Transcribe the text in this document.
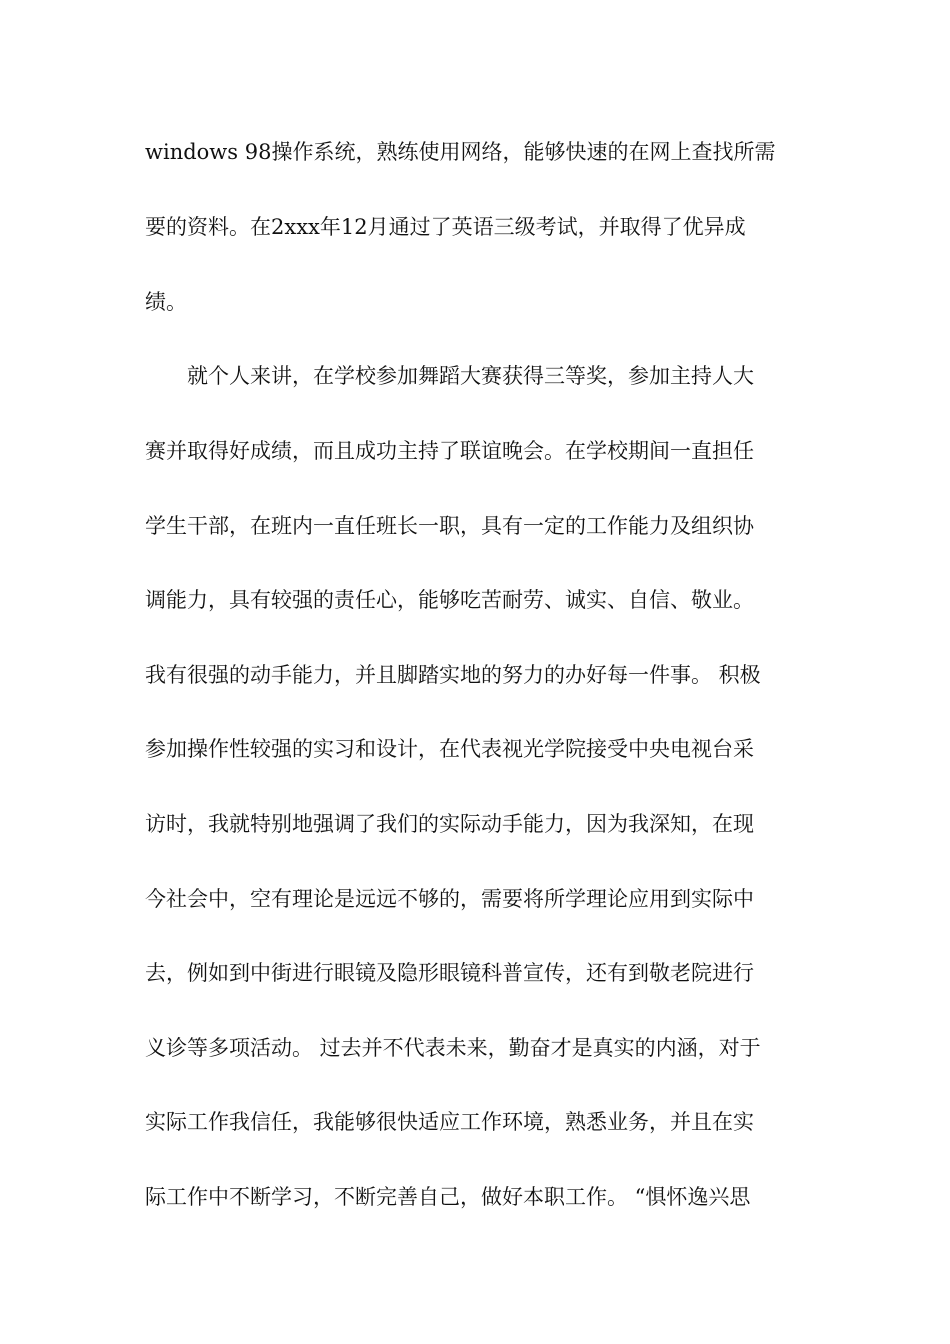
windows 98操作系统，熟练使用网络，能够快速的在网上查找所需
要的资料。在2xxx年12月通过了英语三级考试，并取得了优异成
绩。
就个人来讲，在学校参加舞蹈大赛获得三等奖，参加主持人大
赛并取得好成绩，而且成功主持了联谊晚会。在学校期间一直担任
学生干部，在班内一直任班长一职，具有一定的工作能力及组织协
调能力，具有较强的责任心，能够吃苦耐劳、诚实、自信、敬业。
我有很强的动手能力，并且脚踏实地的努力的办好每一件事。 积极
参加操作性较强的实习和设计，在代表视光学院接受中央电视台采
访时，我就特别地强调了我们的实际动手能力，因为我深知，在现
今社会中，空有理论是远远不够的，需要将所学理论应用到实际中
去，例如到中街进行眼镜及隐形眼镜科普宣传，还有到敬老院进行
义诊等多项活动。 过去并不代表未来，勤奋才是真实的内涵，对于
实际工作我信任，我能够很快适应工作环境，熟悉业务，并且在实
际工作中不断学习，不断完善自己，做好本职工作。 “惧怀逸兴思
